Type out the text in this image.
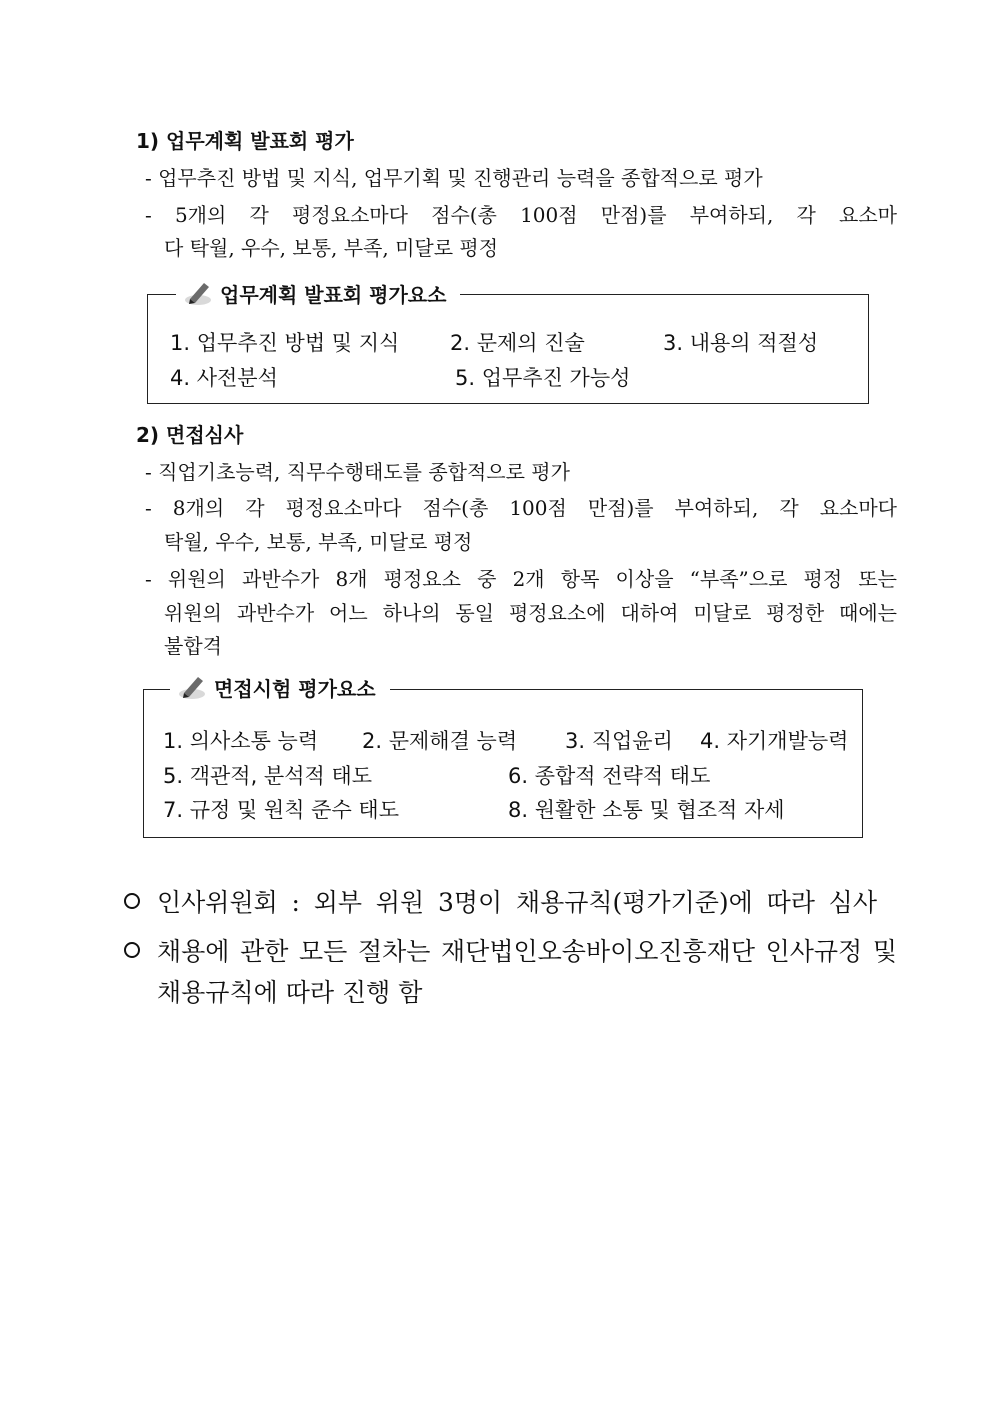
1) 업무계획 발표회 평가
- 업무추진 방법 및 지식, 업무기획 및 진행관리 능력을 종합적으로 평가
- 5개의 각 평정요소마다 점수(총 100점 만점)를 부여하되, 각 요소마
다 탁월, 우수, 보통, 부족, 미달로 평정
업무계획 발표회 평가요소
1. 업무추진 방법 및 지식 2. 문제의 진술	3. 내용의 적절성
4. 사전분석	5. 업무추진 가능성
2) 면접심사
- 직업기초능력, 직무수행태도를 종합적으로 평가
- 8개의 각 평정요소마다 점수(총 100점 만점)를 부여하되, 각 요소마다
탁월, 우수, 보통, 부족, 미달로 평정
- 위원의 과반수가 8개 평정요소 중 2개 항목 이상을 “부족”으로 평정 또는
위원의 과반수가 어느 하나의 동일 평정요소에 대하여 미달로 평정한 때에는
불합격
면접시험 평가요소
1. 의사소통 능력 2. 문제해결 능력 3. 직업윤리 4. 자기개발능력
5. 객관적, 분석적 태도	6. 종합적 전략적 태도
7. 규정 및 원칙 준수 태도	8. 원활한 소통 및 협조적 자세
인사위원회 : 외부 위원 3명이 채용규칙(평가기준)에 따라 심사
채용에 관한 모든 절차는 재단법인오송바이오진흥재단 인사규정 및
채용규칙에 따라 진행 함
